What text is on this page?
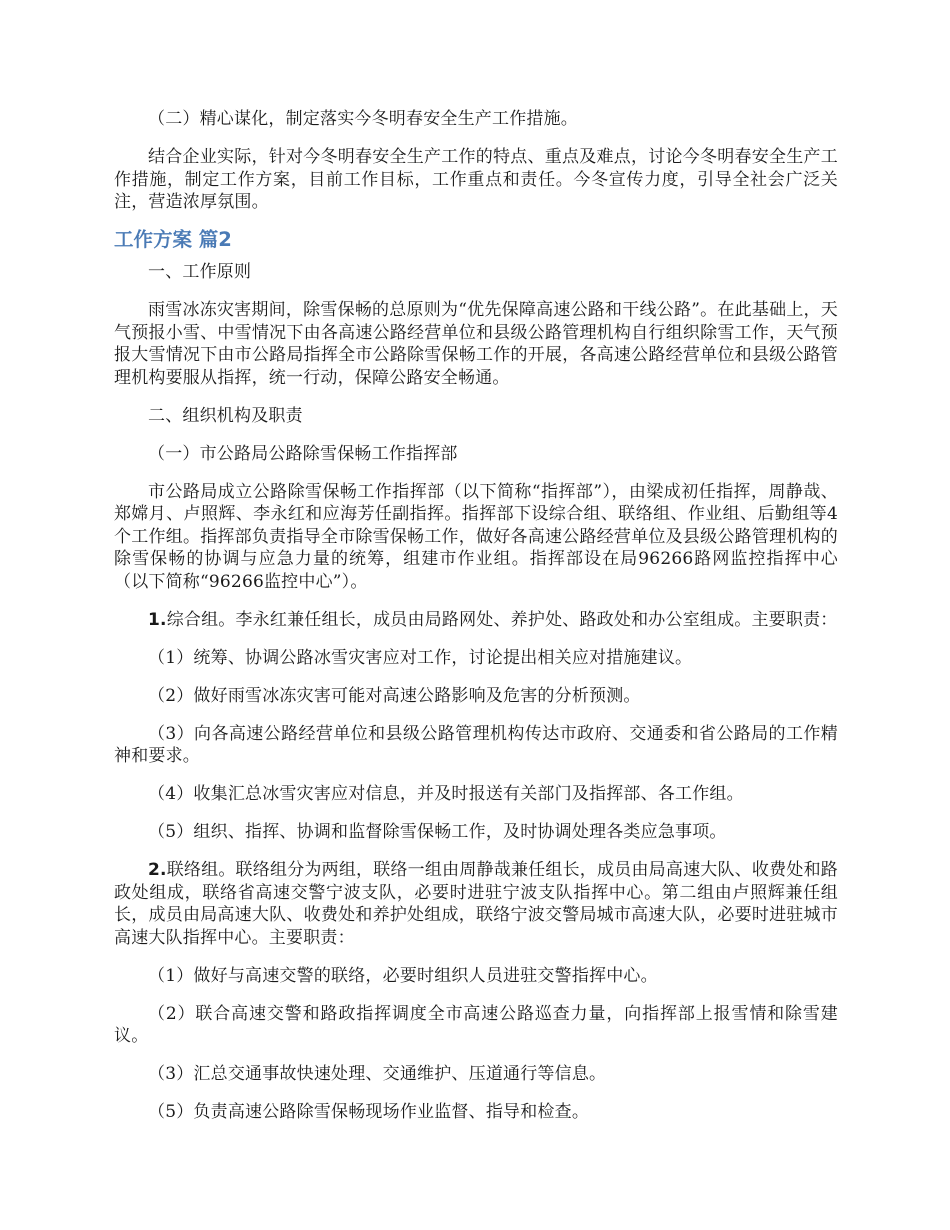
（二）精心谋化，制定落实今冬明春安全生产工作措施。

结合企业实际，针对今冬明春安全生产工作的特点、重点及难点，讨论今冬明春安全生产工作措施，制定工作方案，目前工作目标，工作重点和责任。今冬宣传力度，引导全社会广泛关注，营造浓厚氛围。

工作方案 篇2

一、工作原则

雨雪冰冻灾害期间，除雪保畅的总原则为“优先保障高速公路和干线公路”。在此基础上，天气预报小雪、中雪情况下由各高速公路经营单位和县级公路管理机构自行组织除雪工作，天气预报大雪情况下由市公路局指挥全市公路除雪保畅工作的开展，各高速公路经营单位和县级公路管理机构要服从指挥，统一行动，保障公路安全畅通。

二、组织机构及职责

（一）市公路局公路除雪保畅工作指挥部

市公路局成立公路除雪保畅工作指挥部（以下简称“指挥部”），由梁成初任指挥，周静哉、郑嫦月、卢照辉、李永红和应海芳任副指挥。指挥部下设综合组、联络组、作业组、后勤组等4个工作组。指挥部负责指导全市除雪保畅工作，做好各高速公路经营单位及县级公路管理机构的除雪保畅的协调与应急力量的统筹，组建市作业组。指挥部设在局96266路网监控指挥中心（以下简称“96266监控中心”）。

1.综合组。李永红兼任组长，成员由局路网处、养护处、路政处和办公室组成。主要职责：

（1）统筹、协调公路冰雪灾害应对工作，讨论提出相关应对措施建议。

（2）做好雨雪冰冻灾害可能对高速公路影响及危害的分析预测。

（3）向各高速公路经营单位和县级公路管理机构传达市政府、交通委和省公路局的工作精神和要求。

（4）收集汇总冰雪灾害应对信息，并及时报送有关部门及指挥部、各工作组。

（5）组织、指挥、协调和监督除雪保畅工作，及时协调处理各类应急事项。

2.联络组。联络组分为两组，联络一组由周静哉兼任组长，成员由局高速大队、收费处和路政处组成，联络省高速交警宁波支队，必要时进驻宁波支队指挥中心。第二组由卢照辉兼任组长，成员由局高速大队、收费处和养护处组成，联络宁波交警局城市高速大队，必要时进驻城市高速大队指挥中心。主要职责：

（1）做好与高速交警的联络，必要时组织人员进驻交警指挥中心。

（2）联合高速交警和路政指挥调度全市高速公路巡查力量，向指挥部上报雪情和除雪建议。

（3）汇总交通事故快速处理、交通维护、压道通行等信息。

（5）负责高速公路除雪保畅现场作业监督、指导和检查。
